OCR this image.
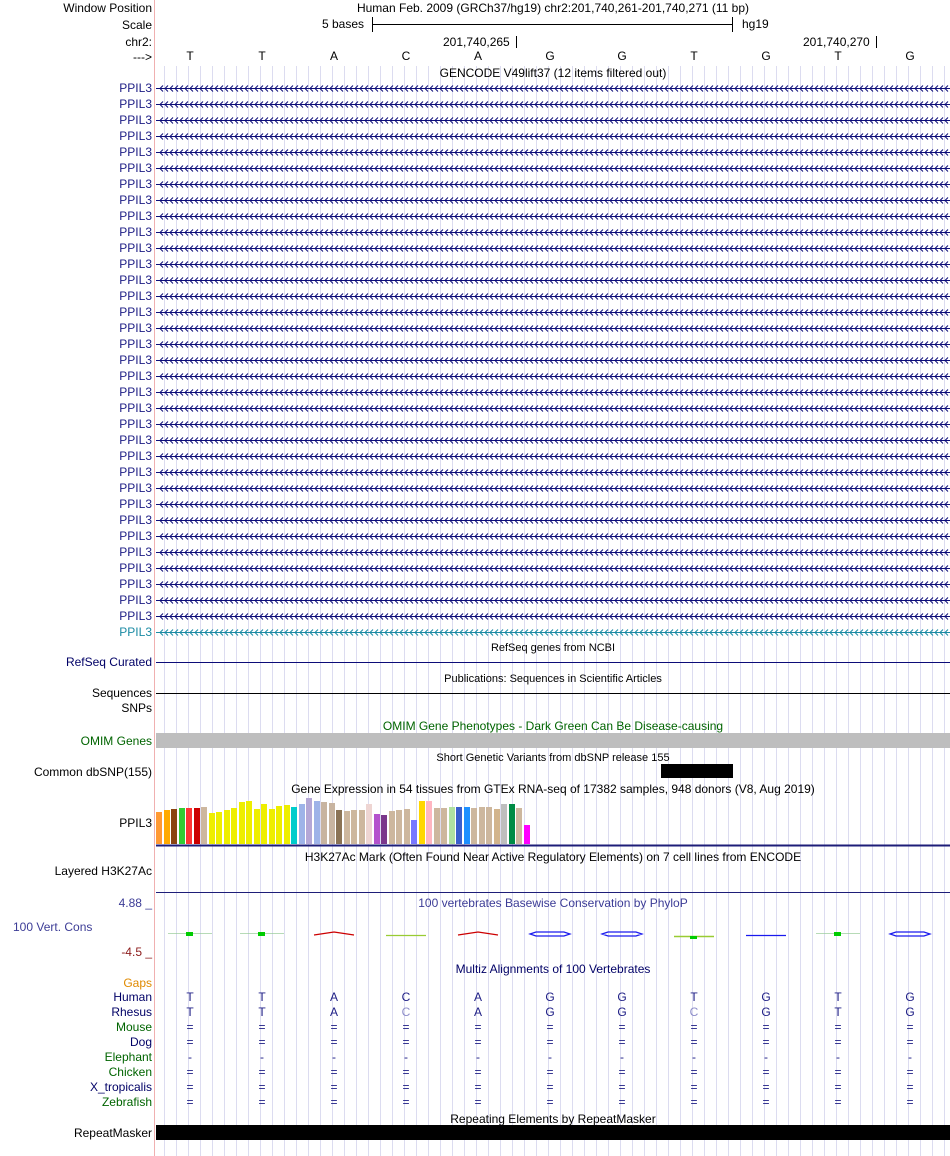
Window Position	Human Feb. 2009 (GRCh37/hg19) chr2:201,740,261-201,740,271 (11 bp)
Scale	5 bases	hg19
chr2:	201,740,265	201,740,270
--->	T	T	A	C	A	G	G	T	G	T	G
GENCODE V49lift37 (12 items filtered out)
PPIL3
PPIL3
PPIL3
PPIL3
PPIL3
PPIL3
PPIL3
PPIL3
PPIL3
PPIL3
PPIL3
PPIL3
PPIL3
PPIL3
PPIL3
PPIL3
PPIL3
PPIL3
PPIL3
PPIL3
PPIL3
PPIL3
PPIL3
PPIL3
PPIL3
PPIL3
PPIL3
PPIL3
PPIL3
PPIL3
PPIL3
PPIL3
PPIL3
PPIL3
PPIL3
RefSeq genes from NCBI
RefSeq Curated
Publications: Sequences in Scientific Articles
Sequences
SNPs
OMIM Gene Phenotypes - Dark Green Can Be Disease-causing
OMIM Genes
Short Genetic Variants from dbSNP release 155
Common dbSNP(155)
Gene Expression in 54 tissues from GTEx RNA-seq of 17382 samples, 948 donors (V8, Aug 2019)
PPIL3
H3K27Ac Mark (Often Found Near Active Regulatory Elements) on 7 cell lines from ENCODE
Layered H3K27Ac
100 vertebrates Basewise Conservation by PhyloP
4.88 _
100 Vert. Cons
-4.5 _
Multiz Alignments of 100 Vertebrates
Gaps
Human	T	T	A	C	A	G	G	T	G	T	G
Rhesus	T	T	A	C	A	G	G	C	G	T	G
Mouse	=	=	=	=	=	=	=	=	=	=	=
Dog	=	=	=	=	=	=	=	=	=	=	=
Elephant	-	-	-	-	-	-	-	-	-	-	-
Chicken	=	=	=	=	=	=	=	=	=	=	=
X_tropicalis	=	=	=	=	=	=	=	=	=	=	=
Zebrafish	=	=	=	=	=	=	=	=	=	=	=
Repeating Elements by RepeatMasker
RepeatMasker
